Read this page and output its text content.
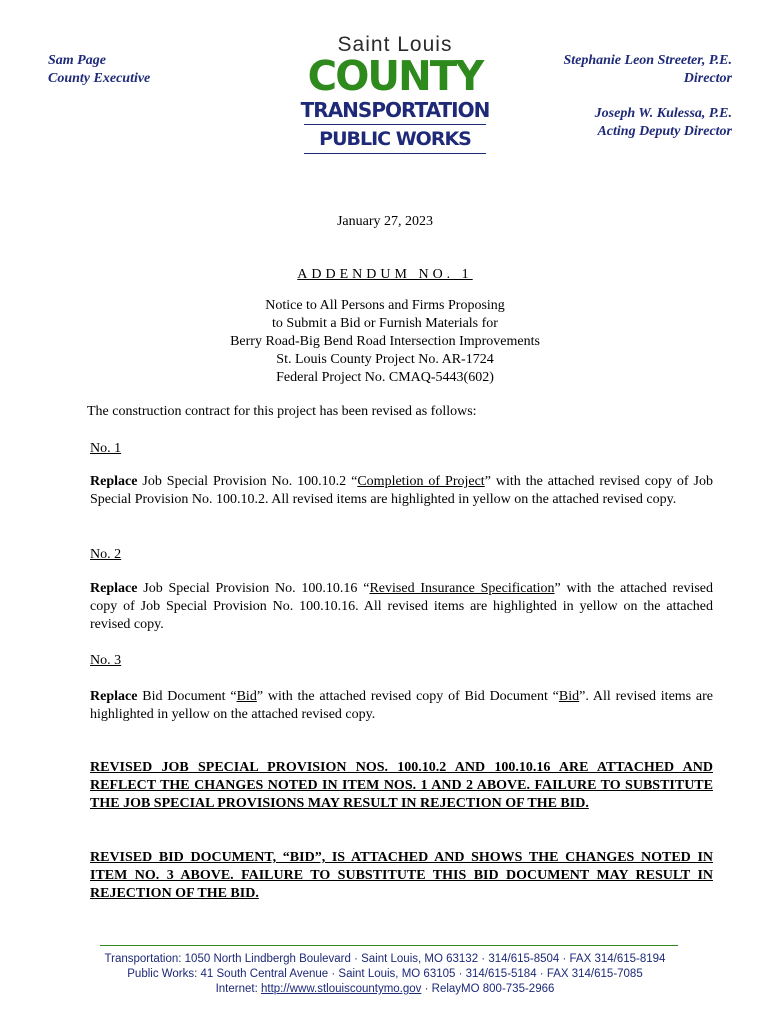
Sam Page
County Executive
Saint Louis
COUNTY
TRANSPORTATION
PUBLIC WORKS
Stephanie Leon Streeter, P.E.
Director
Joseph W. Kulessa, P.E.
Acting Deputy Director
January 27, 2023
ADDENDUM NO. 1
Notice to All Persons and Firms Proposing
to Submit a Bid or Furnish Materials for
Berry Road-Big Bend Road Intersection Improvements
St. Louis County Project No. AR-1724
Federal Project No. CMAQ-5443(602)
The construction contract for this project has been revised as follows:
No. 1
Replace Job Special Provision No. 100.10.2 “Completion of Project” with the attached revised copy of Job Special Provision No. 100.10.2. All revised items are highlighted in yellow on the attached revised copy.
No. 2
Replace Job Special Provision No. 100.10.16 “Revised Insurance Specification” with the attached revised copy of Job Special Provision No. 100.10.16. All revised items are highlighted in yellow on the attached revised copy.
No. 3
Replace Bid Document “Bid” with the attached revised copy of Bid Document “Bid”. All revised items are highlighted in yellow on the attached revised copy.
REVISED JOB SPECIAL PROVISION NOS. 100.10.2 AND 100.10.16 ARE ATTACHED AND REFLECT THE CHANGES NOTED IN ITEM NOS. 1 AND 2 ABOVE. FAILURE TO SUBSTITUTE THE JOB SPECIAL PROVISIONS MAY RESULT IN REJECTION OF THE BID.
REVISED BID DOCUMENT, “BID”, IS ATTACHED AND SHOWS THE CHANGES NOTED IN ITEM NO. 3 ABOVE. FAILURE TO SUBSTITUTE THIS BID DOCUMENT MAY RESULT IN REJECTION OF THE BID.
Transportation: 1050 North Lindbergh Boulevard · Saint Louis, MO 63132 · 314/615-8504 · FAX 314/615-8194
Public Works: 41 South Central Avenue · Saint Louis, MO 63105 · 314/615-5184 · FAX 314/615-7085
Internet: http://www.stlouiscountymo.gov · RelayMO 800-735-2966
